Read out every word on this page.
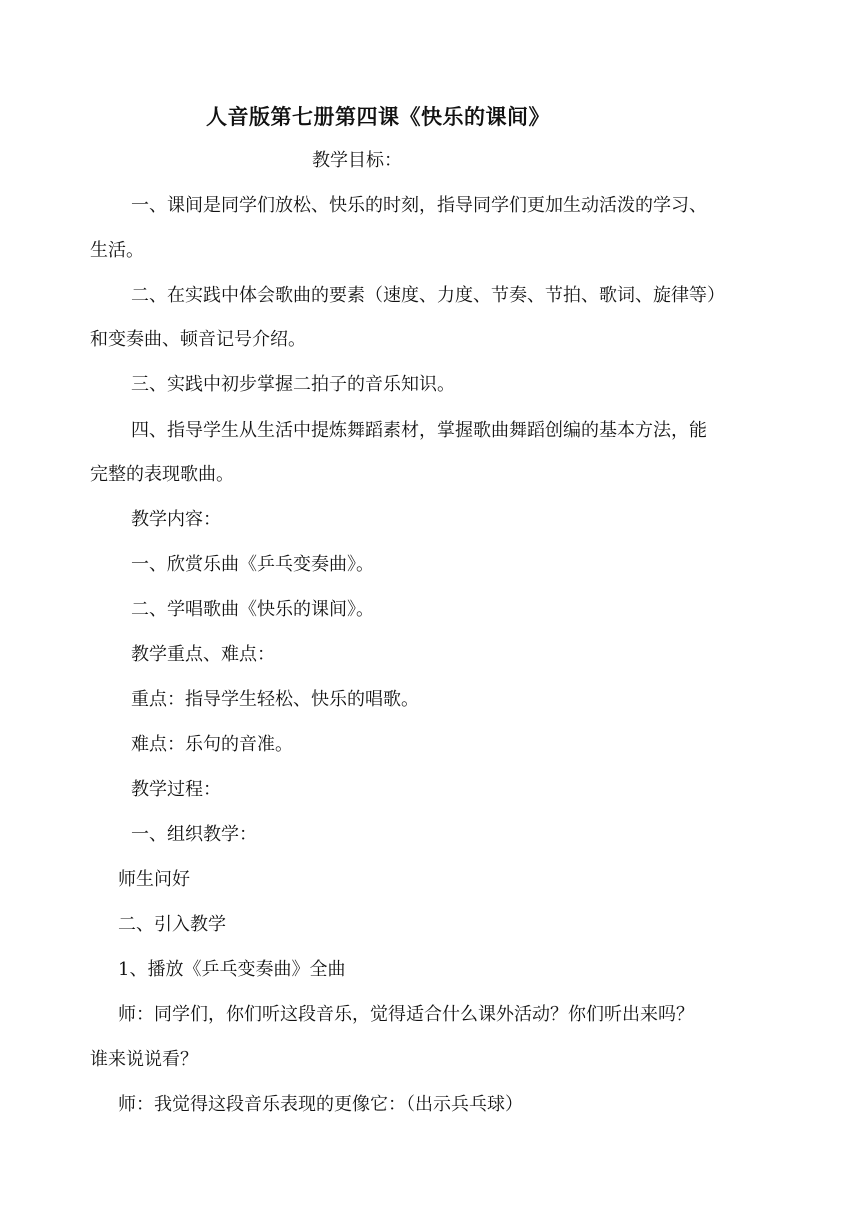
人音版第七册第四课《快乐的课间》
教学目标：
一、课间是同学们放松、快乐的时刻，指导同学们更加生动活泼的学习、
生活。
二、在实践中体会歌曲的要素（速度、力度、节奏、节拍、歌词、旋律等）
和变奏曲、顿音记号介绍。
三、实践中初步掌握二拍子的音乐知识。
四、指导学生从生活中提炼舞蹈素材，掌握歌曲舞蹈创编的基本方法，能
完整的表现歌曲。
教学内容：
一、欣赏乐曲《乒乓变奏曲》。
二、学唱歌曲《快乐的课间》。
教学重点、难点：
重点：指导学生轻松、快乐的唱歌。
难点：乐句的音准。
教学过程：
一、组织教学：
师生问好
二、引入教学
1、播放《乒乓变奏曲》全曲
师：同学们，你们听这段音乐，觉得适合什么课外活动？你们听出来吗？
谁来说说看？
师：我觉得这段音乐表现的更像它：（出示兵乓球）
